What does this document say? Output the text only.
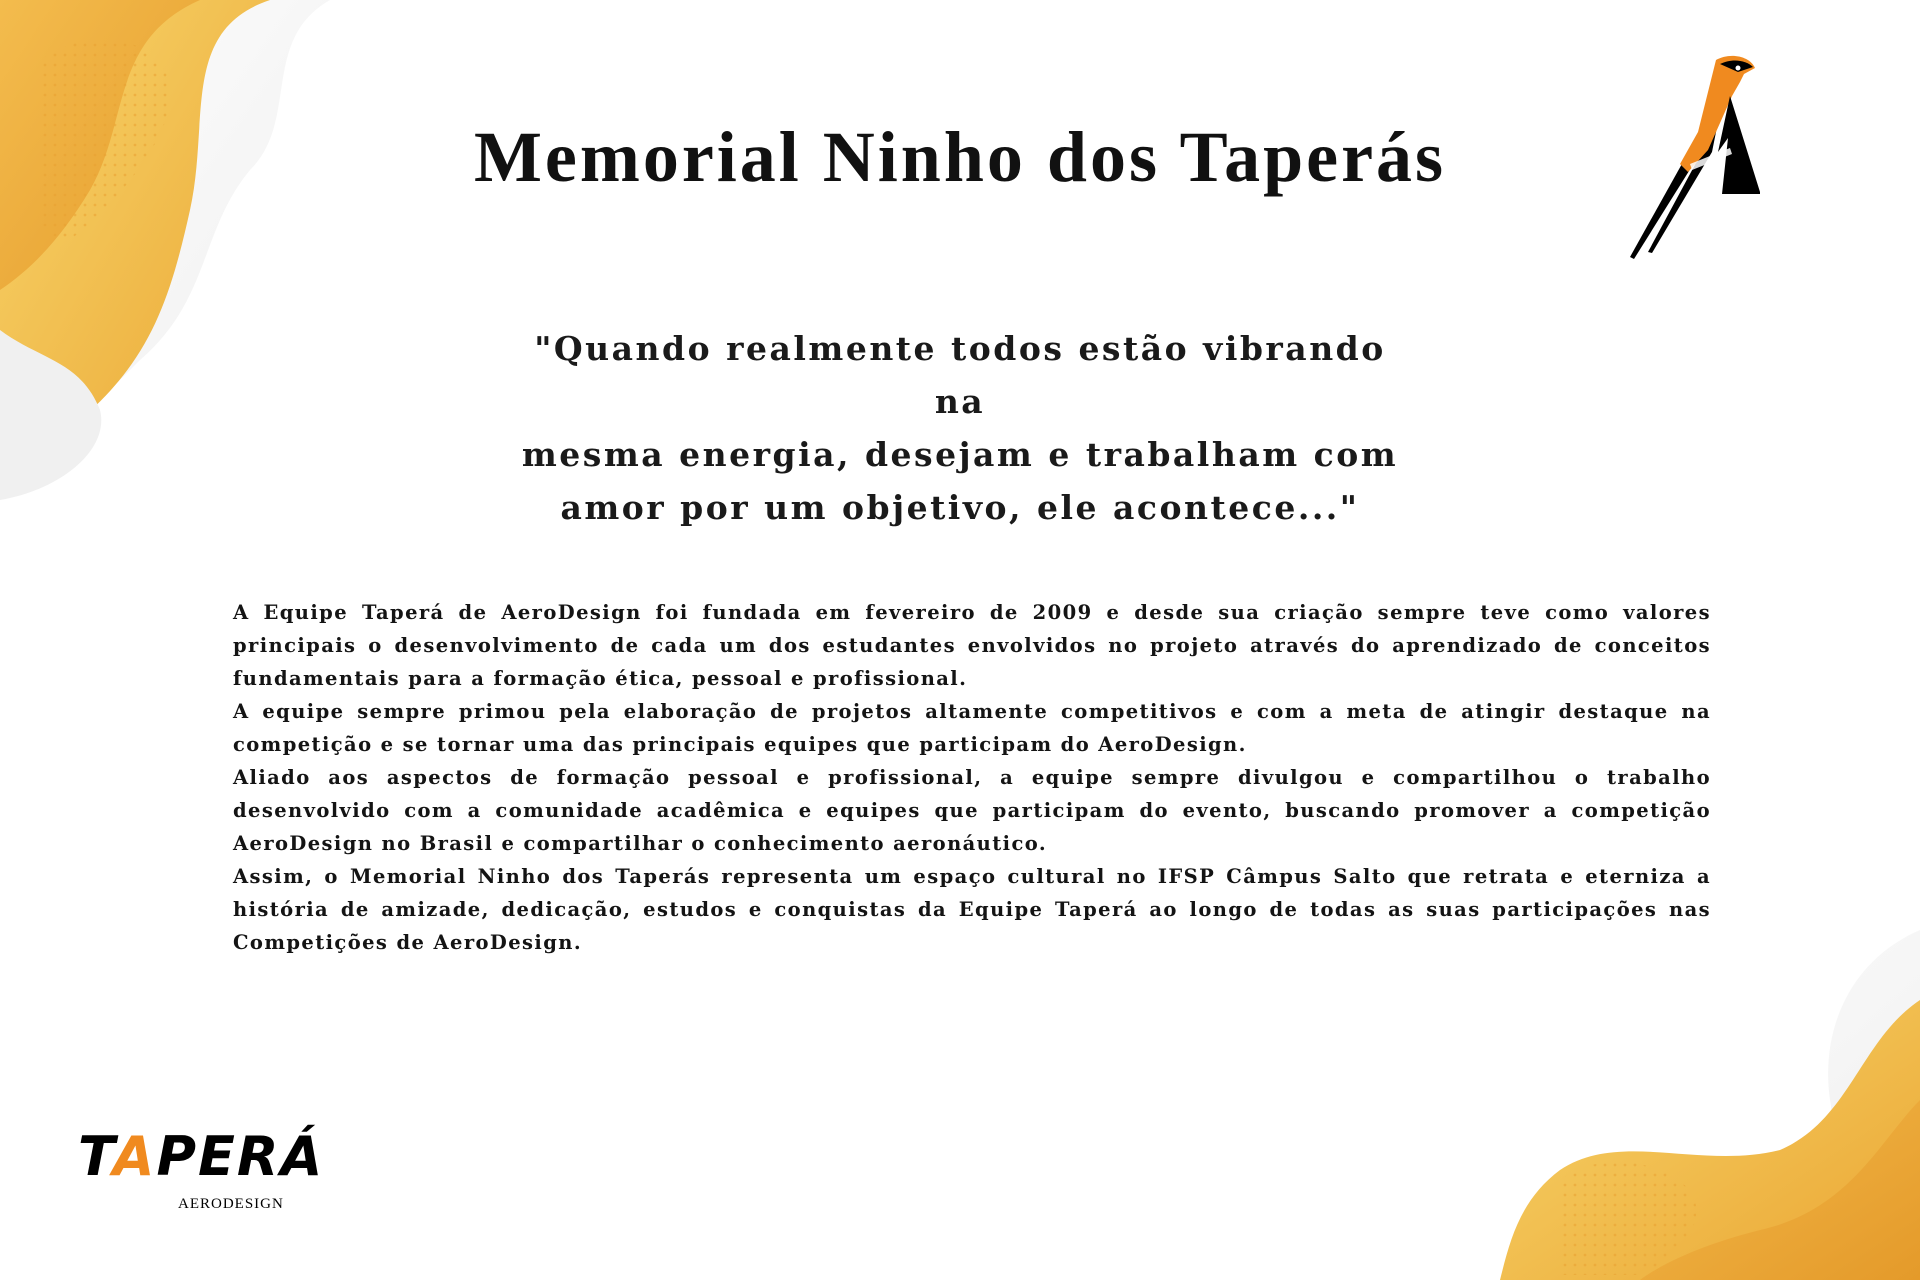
Memorial Ninho dos Taperás
"Quando realmente todos estão vibrando na
mesma energia, desejam e trabalham com
amor por um objetivo, ele acontece..."

A Equipe Taperá de AeroDesign foi fundada em fevereiro de 2009 e desde sua criação sempre teve como valores principais o desenvolvimento de cada um dos estudantes envolvidos no projeto através do aprendizado de conceitos fundamentais para a formação ética, pessoal e profissional.

A equipe sempre primou pela elaboração de projetos altamente competitivos e com a meta de atingir destaque na competição e se tornar uma das principais equipes que participam do AeroDesign.

Aliado aos aspectos de formação pessoal e profissional, a equipe sempre divulgou e compartilhou o trabalho desenvolvido com a comunidade acadêmica e equipes que participam do evento, buscando promover a competição AeroDesign no Brasil e compartilhar o conhecimento aeronáutico.

Assim, o Memorial Ninho dos Taperás representa um espaço cultural no IFSP Câmpus Salto que retrata e eterniza a história de amizade, dedicação, estudos e conquistas da Equipe Taperá ao longo de todas as suas participações nas Competições de AeroDesign.

TAPERÁ
AERODESIGN
